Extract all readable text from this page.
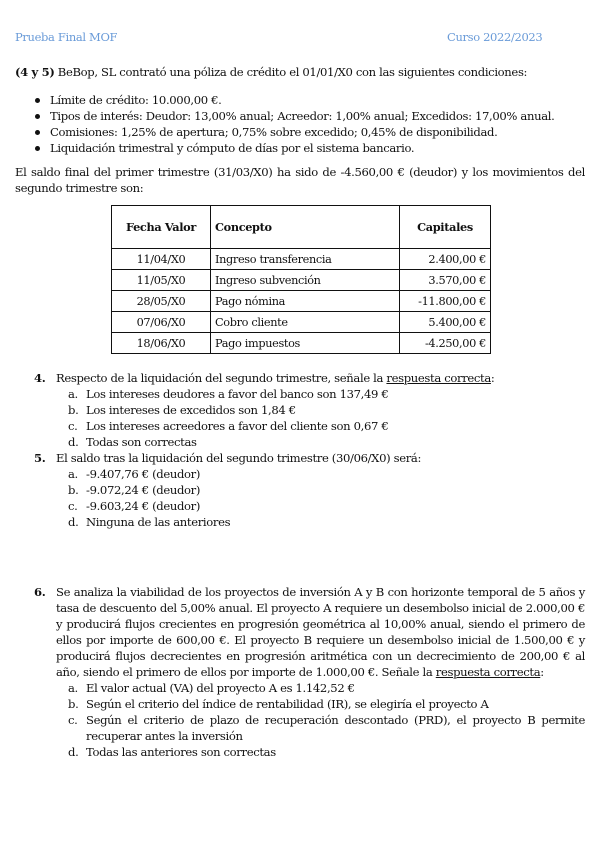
Prueba Final MOF	Curso 2022/2023
(4 y 5) BeBop, SL contrató una póliza de crédito el 01/01/X0 con las siguientes condiciones:
Límite de crédito: 10.000,00 €.
Tipos de interés: Deudor: 13,00% anual; Acreedor: 1,00% anual; Excedidos: 17,00% anual.
Comisiones: 1,25% de apertura; 0,75% sobre excedido; 0,45% de disponibilidad.
Liquidación trimestral y cómputo de días por el sistema bancario.
El saldo final del primer trimestre (31/03/X0) ha sido de -4.560,00 € (deudor) y los movimientos del segundo trimestre son:
Fecha Valor	Concepto	Capitales
11/04/X0	Ingreso transferencia	2.400,00 €
11/05/X0	Ingreso subvención	3.570,00 €
28/05/X0	Pago nómina	-11.800,00 €
07/06/X0	Cobro cliente	5.400,00 €
18/06/X0	Pago impuestos	-4.250,00 €
4. Respecto de la liquidación del segundo trimestre, señale la respuesta correcta:
a. Los intereses deudores a favor del banco son 137,49 €
b. Los intereses de excedidos son 1,84 €
c. Los intereses acreedores a favor del cliente son 0,67 €
d. Todas son correctas
5. El saldo tras la liquidación del segundo trimestre (30/06/X0) será:
a. -9.407,76 € (deudor)
b. -9.072,24 € (deudor)
c. -9.603,24 € (deudor)
d. Ninguna de las anteriores
6. Se analiza la viabilidad de los proyectos de inversión A y B con horizonte temporal de 5 años y tasa de descuento del 5,00% anual. El proyecto A requiere un desembolso inicial de 2.000,00 € y producirá flujos crecientes en progresión geométrica al 10,00% anual, siendo el primero de ellos por importe de 600,00 €. El proyecto B requiere un desembolso inicial de 1.500,00 € y producirá flujos decrecientes en progresión aritmética con un decrecimiento de 200,00 € al año, siendo el primero de ellos por importe de 1.000,00 €. Señale la respuesta correcta:
a. El valor actual (VA) del proyecto A es 1.142,52 €
b. Según el criterio del índice de rentabilidad (IR), se elegiría el proyecto A
c. Según el criterio de plazo de recuperación descontado (PRD), el proyecto B permite recuperar antes la inversión
d. Todas las anteriores son correctas
